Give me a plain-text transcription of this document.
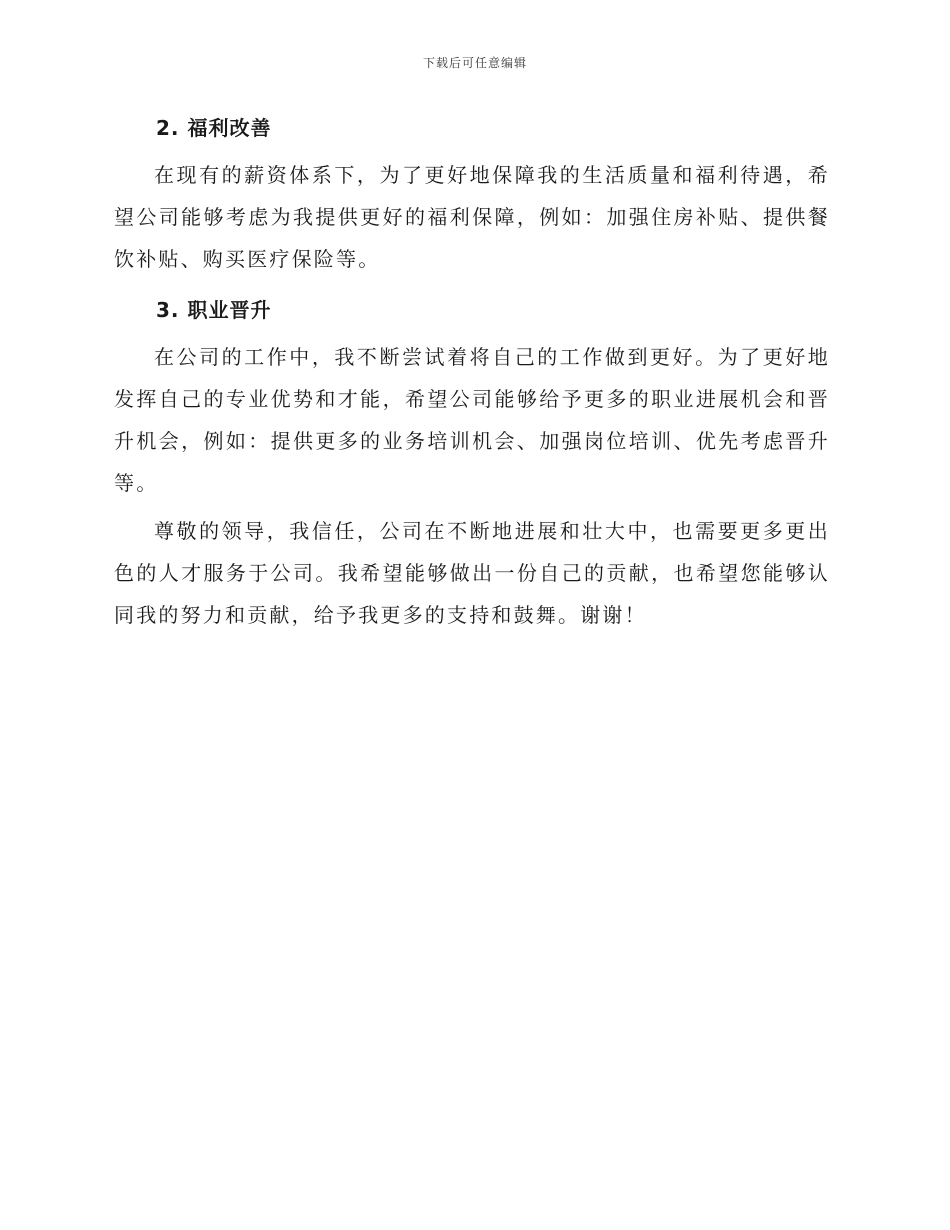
下载后可任意编辑
2. 福利改善

在现有的薪资体系下，为了更好地保障我的生活质量和福利待遇，希望公司能够考虑为我提供更好的福利保障，例如：加强住房补贴、提供餐饮补贴、购买医疗保险等。

3. 职业晋升

在公司的工作中，我不断尝试着将自己的工作做到更好。为了更好地发挥自己的专业优势和才能，希望公司能够给予更多的职业进展机会和晋升机会，例如：提供更多的业务培训机会、加强岗位培训、优先考虑晋升等。

尊敬的领导，我信任，公司在不断地进展和壮大中，也需要更多更出色的人才服务于公司。我希望能够做出一份自己的贡献，也希望您能够认同我的努力和贡献，给予我更多的支持和鼓舞。谢谢！
